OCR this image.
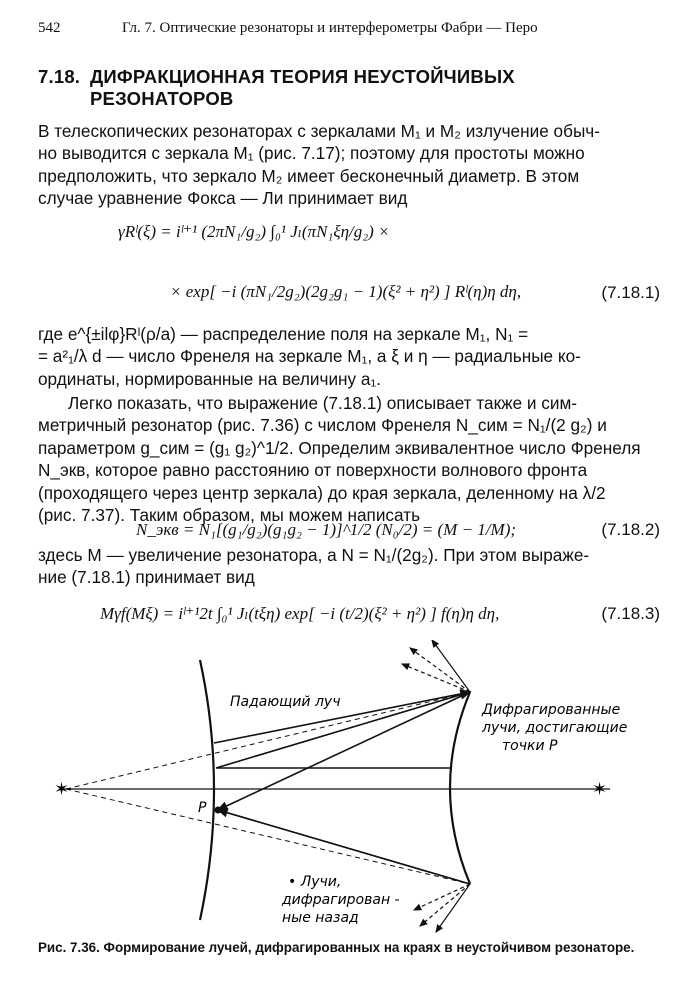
542	Гл. 7. Оптические резонаторы и интерферометры Фабри — Перо
7.18. ДИФРАКЦИОННАЯ ТЕОРИЯ НЕУСТОЙЧИВЫХ
РЕЗОНАТОРОВ
В телескопических резонаторах с зеркалами M₁ и M₂ излучение обыч-
но выводится с зеркала M₁ (рис. 7.17); поэтому для простоты можно
предположить, что зеркало M₂ имеет бесконечный диаметр. В этом
случае уравнение Фокса — Ли принимает вид
γRˡ(ξ) = iˡ⁺¹ (2πN₁/g₂) ∫₀¹ Jₗ(πN₁ξη/g₂) ×
× exp[ −i (πN₁/2g₂)(2g₂g₁ − 1)(ξ² + η²) ] Rˡ(η)η dη,	(7.18.1)
где e^{±ilφ}Rˡ(ρ/a) — распределение поля на зеркале M₁, N₁ =
= a²₁/λ d — число Френеля на зеркале M₁, а ξ и η — радиальные ко-
ординаты, нормированные на величину a₁.
Легко показать, что выражение (7.18.1) описывает также и сим-
метричный резонатор (рис. 7.36) с числом Френеля N_сим = N₁/(2 g₂) и
параметром g_сим = (g₁ g₂)^1/2. Определим эквивалентное число Френеля
N_экв, которое равно расстоянию от поверхности волнового фронта
(проходящего через центр зеркала) до края зеркала, деленному на λ/2
(рис. 7.37). Таким образом, мы можем написать
N_экв = N₁[(g₁/g₂)(g₁g₂ − 1)]^1/2 (N₀/2) = (M − 1/M);	(7.18.2)
здесь M — увеличение резонатора, а N = N₁/(2g₂). При этом выраже-
ние (7.18.1) принимает вид
Mγf(Mξ) = iˡ⁺¹2t ∫₀¹ Jₗ(tξη) exp[ −i (t/2)(ξ² + η²) ] f(η)η dη,	(7.18.3)
✶	✶
P
Падающий луч	Дифрагированные
лучи, достигающие
точки P
• Лучи,
дифрагирован -
ные назад
Рис. 7.36. Формирование лучей, дифрагированных на краях в неустойчивом резонаторе.
